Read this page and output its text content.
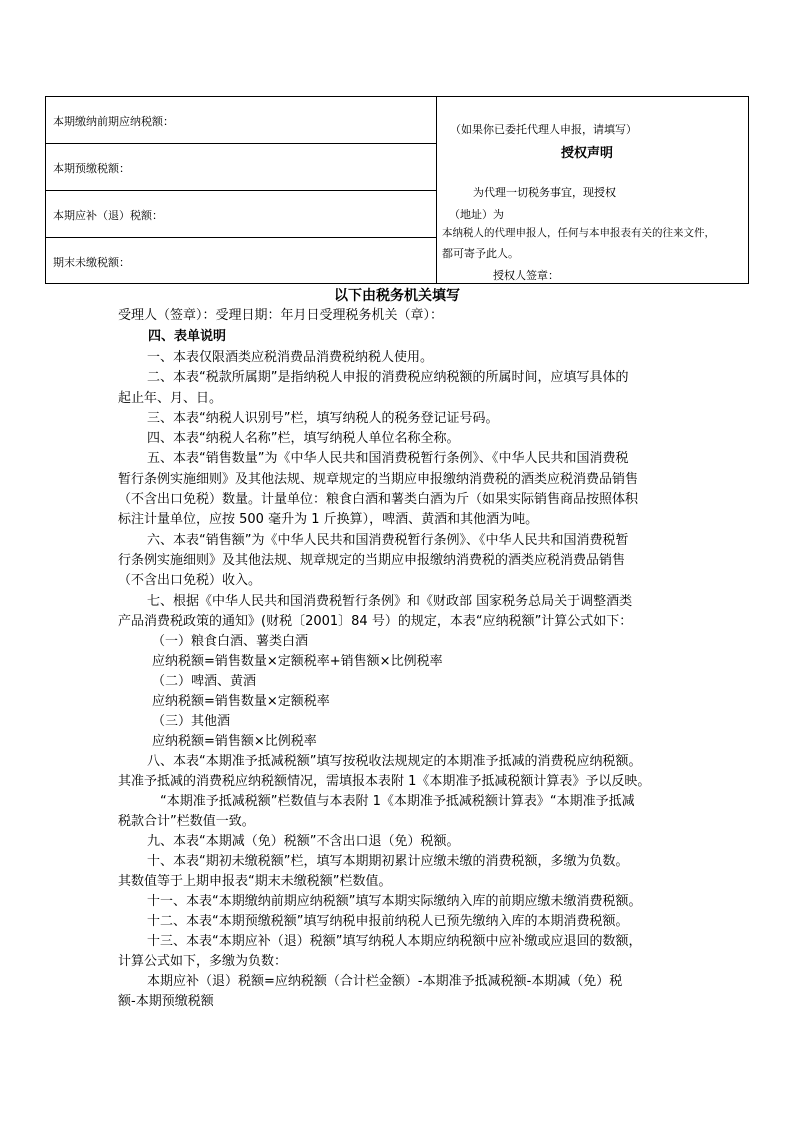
本期缴纳前期应纳税额：
本期预缴税额：
本期应补（退）税额：
期末未缴税额：
（如果你已委托代理人申报，请填写）
授权声明
为代理一切税务事宜，现授权
（地址）为
本纳税人的代理申报人，任何与本申报表有关的往来文件，
都可寄予此人。
授权人签章：
以下由税务机关填写
受理人（签章）：受理日期：年月日受理税务机关（章）：
四、表单说明
一、本表仅限酒类应税消费品消费税纳税人使用。
二、本表“税款所属期”是指纳税人申报的消费税应纳税额的所属时间，应填写具体的
起止年、月、日。
三、本表“纳税人识别号”栏，填写纳税人的税务登记证号码。
四、本表“纳税人名称”栏，填写纳税人单位名称全称。
五、本表“销售数量”为《中华人民共和国消费税暂行条例》、《中华人民共和国消费税
暂行条例实施细则》及其他法规、规章规定的当期应申报缴纳消费税的酒类应税消费品销售
（不含出口免税）数量。计量单位：粮食白酒和薯类白酒为斤（如果实际销售商品按照体积
标注计量单位，应按 500 毫升为 1 斤换算），啤酒、黄酒和其他酒为吨。
六、本表“销售额”为《中华人民共和国消费税暂行条例》、《中华人民共和国消费税暂
行条例实施细则》及其他法规、规章规定的当期应申报缴纳消费税的酒类应税消费品销售
（不含出口免税）收入。
七、根据《中华人民共和国消费税暂行条例》和《财政部 国家税务总局关于调整酒类
产品消费税政策的通知》(财税〔2001〕84 号）的规定，本表“应纳税额”计算公式如下：
（一）粮食白酒、薯类白酒
应纳税额=销售数量×定额税率+销售额×比例税率
（二）啤酒、黄酒
应纳税额=销售数量×定额税率
（三）其他酒
应纳税额=销售额×比例税率
八、本表“本期准予抵减税额”填写按税收法规规定的本期准予抵减的消费税应纳税额。
其准予抵减的消费税应纳税额情况，需填报本表附 1《本期准予抵减税额计算表》予以反映。
“本期准予抵减税额”栏数值与本表附 1《本期准予抵减税额计算表》“本期准予抵减
税款合计”栏数值一致。
九、本表“本期减（免）税额”不含出口退（免）税额。
十、本表“期初未缴税额”栏，填写本期期初累计应缴未缴的消费税额，多缴为负数。
其数值等于上期申报表“期末未缴税额”栏数值。
十一、本表“本期缴纳前期应纳税额”填写本期实际缴纳入库的前期应缴未缴消费税额。
十二、本表“本期预缴税额”填写纳税申报前纳税人已预先缴纳入库的本期消费税额。
十三、本表“本期应补（退）税额”填写纳税人本期应纳税额中应补缴或应退回的数额，
计算公式如下，多缴为负数：
本期应补（退）税额=应纳税额（合计栏金额）-本期准予抵减税额-本期减（免）税
额-本期预缴税额
